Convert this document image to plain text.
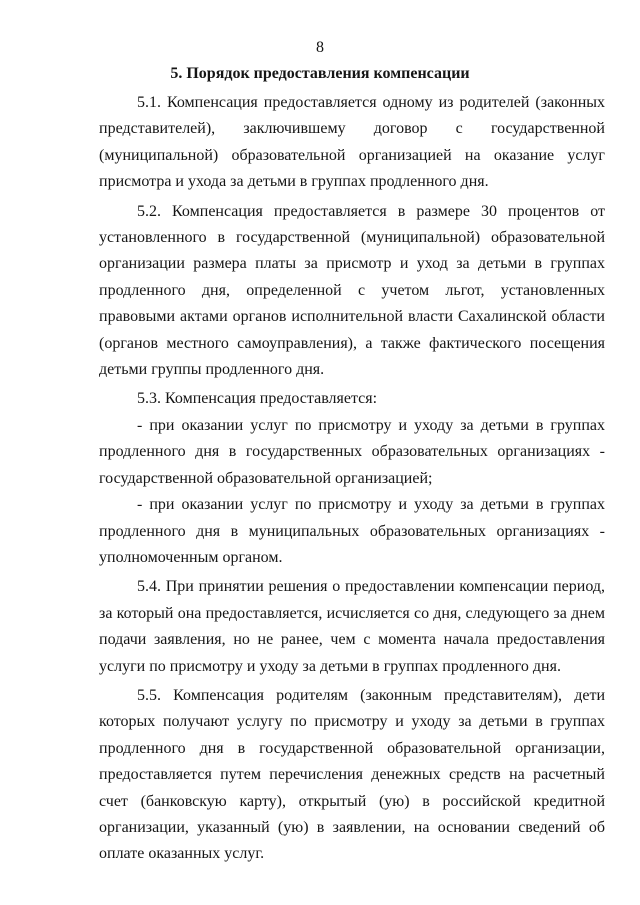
8
5. Порядок предоставления компенсации

5.1. Компенсация предоставляется одному из родителей (законных представителей), заключившему договор с государственной (муниципальной) образовательной организацией на оказание услуг присмотра и ухода за детьми в группах продленного дня.

5.2. Компенсация предоставляется в размере 30 процентов от установленного в государственной (муниципальной) образовательной организации размера платы за присмотр и уход за детьми в группах продленного дня, определенной с учетом льгот, установленных правовыми актами органов исполнительной власти Сахалинской области (органов местного самоуправления), а также фактического посещения детьми группы продленного дня.

5.3. Компенсация предоставляется:

- при оказании услуг по присмотру и уходу за детьми в группах продленного дня в государственных образовательных организациях - государственной образовательной организацией;

- при оказании услуг по присмотру и уходу за детьми в группах продленного дня в муниципальных образовательных организациях - уполномоченным органом.

5.4. При принятии решения о предоставлении компенсации период, за который она предоставляется, исчисляется со дня, следующего за днем подачи заявления, но не ранее, чем с момента начала предоставления услуги по присмотру и уходу за детьми в группах продленного дня.

5.5. Компенсация родителям (законным представителям), дети которых получают услугу по присмотру и уходу за детьми в группах продленного дня в государственной образовательной организации, предоставляется путем перечисления денежных средств на расчетный счет (банковскую карту), открытый (ую) в российской кредитной организации, указанный (ую) в заявлении, на основании сведений об оплате оказанных услуг.
